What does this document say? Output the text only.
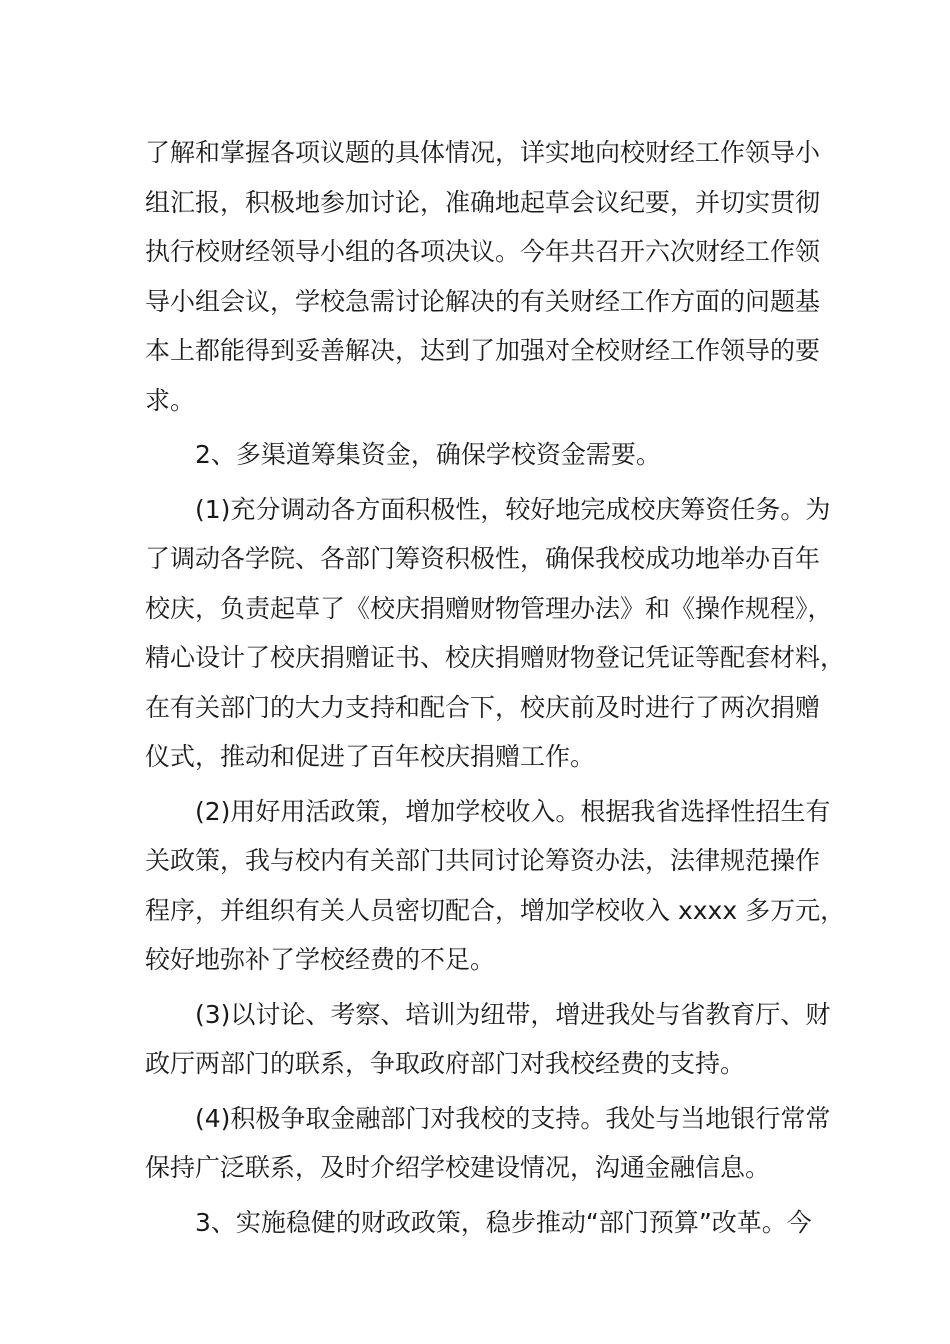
了解和掌握各项议题的具体情况，详实地向校财经工作领导小
组汇报，积极地参加讨论，准确地起草会议纪要，并切实贯彻
执行校财经领导小组的各项决议。今年共召开六次财经工作领
导小组会议，学校急需讨论解决的有关财经工作方面的问题基
本上都能得到妥善解决，达到了加强对全校财经工作领导的要
求。
2、多渠道筹集资金，确保学校资金需要。
(1)充分调动各方面积极性，较好地完成校庆筹资任务。为
了调动各学院、各部门筹资积极性，确保我校成功地举办百年
校庆，负责起草了《校庆捐赠财物管理办法》和《操作规程》，
精心设计了校庆捐赠证书、校庆捐赠财物登记凭证等配套材料，
在有关部门的大力支持和配合下，校庆前及时进行了两次捐赠
仪式，推动和促进了百年校庆捐赠工作。
(2)用好用活政策，增加学校收入。根据我省选择性招生有
关政策，我与校内有关部门共同讨论筹资办法，法律规范操作
程序，并组织有关人员密切配合，增加学校收入 xxxx 多万元，
较好地弥补了学校经费的不足。
(3)以讨论、考察、培训为纽带，增进我处与省教育厅、财
政厅两部门的联系，争取政府部门对我校经费的支持。
(4)积极争取金融部门对我校的支持。我处与当地银行常常
保持广泛联系，及时介绍学校建设情况，沟通金融信息。
3、实施稳健的财政政策，稳步推动“部门预算”改革。今
